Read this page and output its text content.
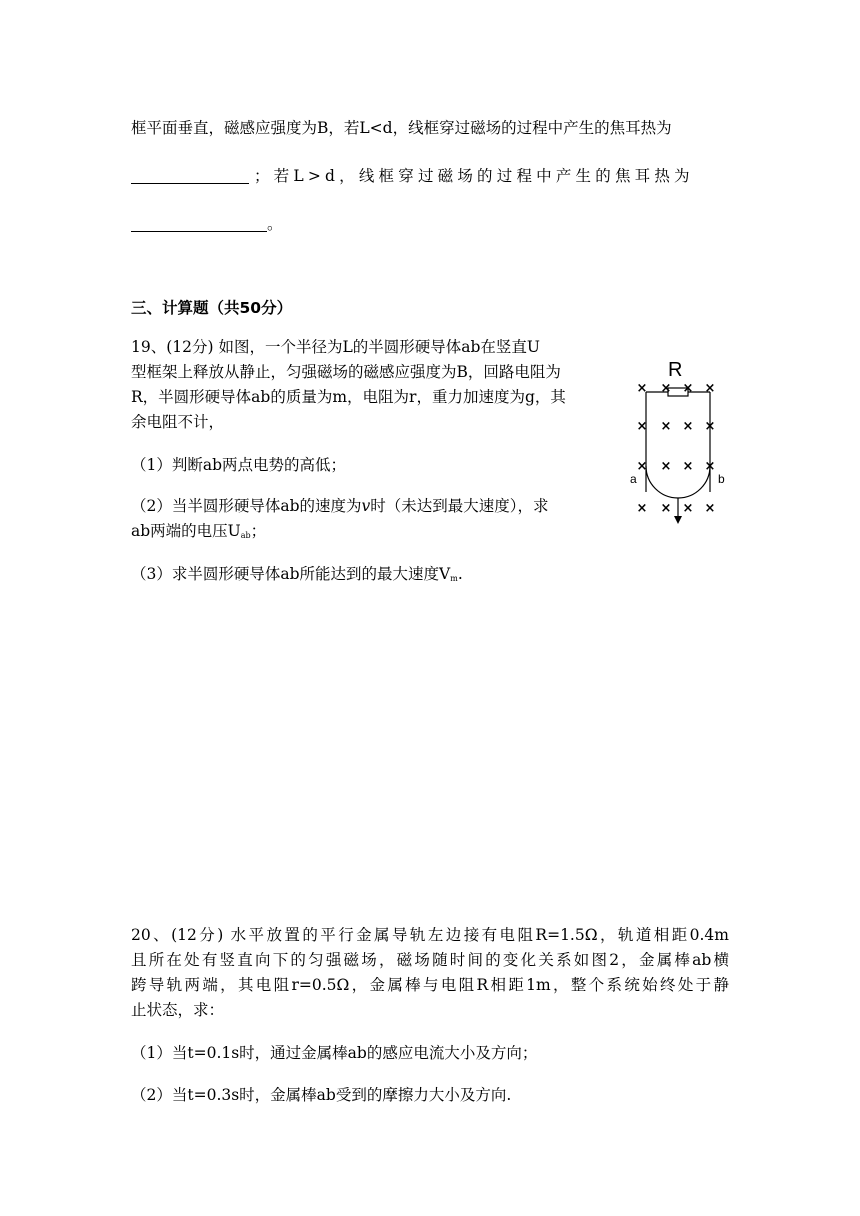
框平面垂直，磁感应强度为B，若L<d，线框穿过磁场的过程中产生的焦耳热为
；若L>d，线框穿过磁场的过程中产生的焦耳热为
。
三、计算题（共50分）
19、(12分) 如图，一个半径为L的半圆形硬导体ab在竖直U
型框架上释放从静止，匀强磁场的磁感应强度为B，回路电阻为
R，半圆形硬导体ab的质量为m，电阻为r，重力加速度为g，其
余电阻不计，
（1）判断ab两点电势的高低；
（2）当半圆形硬导体ab的速度为v时（未达到最大速度），求
ab两端的电压$U_{ab}$；
（3）求半圆形硬导体ab所能达到的最大速度$V_m$.
R
a	b
× × × ×
× × × ×
× × × ×
× × × ×
20、(12分) 水平放置的平行金属导轨左边接有电阻R=1.5Ω，轨道相距0.4m
且所在处有竖直向下的匀强磁场，磁场随时间的变化关系如图2，金属棒ab横
跨导轨两端，其电阻r=0.5Ω，金属棒与电阻R相距1m，整个系统始终处于静
止状态，求：
（1）当t=0.1s时，通过金属棒ab的感应电流大小及方向；
（2）当t=0.3s时，金属棒ab受到的摩擦力大小及方向.
